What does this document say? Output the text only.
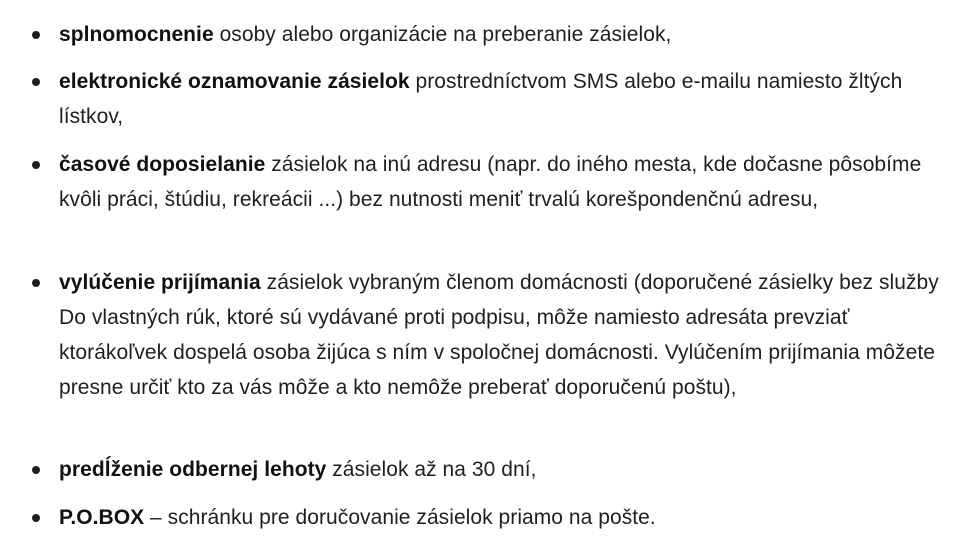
splnomocnenie osoby alebo organizácie na preberanie zásielok,
elektronické oznamovanie zásielok prostredníctvom SMS alebo e-mailu namiesto žltých lístkov,
časové doposielanie zásielok na inú adresu (napr. do iného mesta, kde dočasne pôsobíme kvôli práci, štúdiu, rekreácii ...) bez nutnosti meniť trvalú korešpondenčnú adresu,
vylúčenie prijímania zásielok vybraným členom domácnosti (doporučené zásielky bez služby Do vlastných rúk, ktoré sú vydávané proti podpisu, môže namiesto adresáta prevziať ktorákoľvek dospelá osoba žijúca s ním v spoločnej domácnosti. Vylúčením prijímania môžete presne určiť kto za vás môže a kto nemôže preberať doporučenú poštu),
predĺženie odbernej lehoty zásielok až na 30 dní,
P.O.BOX – schránku pre doručovanie zásielok priamo na pošte.
